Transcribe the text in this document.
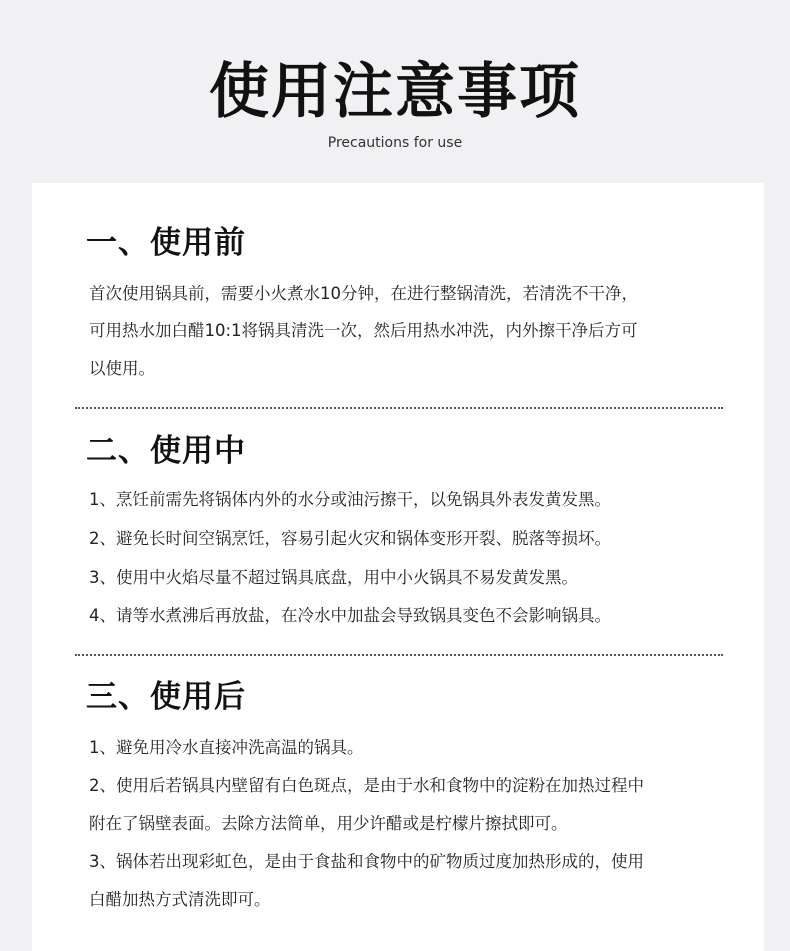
使用注意事项
Precautions for use
一、使用前
首次使用锅具前，需要小火煮水10分钟，在进行整锅清洗，若清洗不干净，
可用热水加白醋10:1将锅具清洗一次，然后用热水冲洗，内外擦干净后方可
以使用。
二、使用中
1、烹饪前需先将锅体内外的水分或油污擦干，以免锅具外表发黄发黑。
2、避免长时间空锅烹饪，容易引起火灾和锅体变形开裂、脱落等损坏。
3、使用中火焰尽量不超过锅具底盘，用中小火锅具不易发黄发黑。
4、请等水煮沸后再放盐，在冷水中加盐会导致锅具变色不会影响锅具。
三、使用后
1、避免用冷水直接冲洗高温的锅具。
2、使用后若锅具内壁留有白色斑点，是由于水和食物中的淀粉在加热过程中
附在了锅壁表面。去除方法简单，用少许醋或是柠檬片擦拭即可。
3、锅体若出现彩虹色，是由于食盐和食物中的矿物质过度加热形成的，使用
白醋加热方式清洗即可。
